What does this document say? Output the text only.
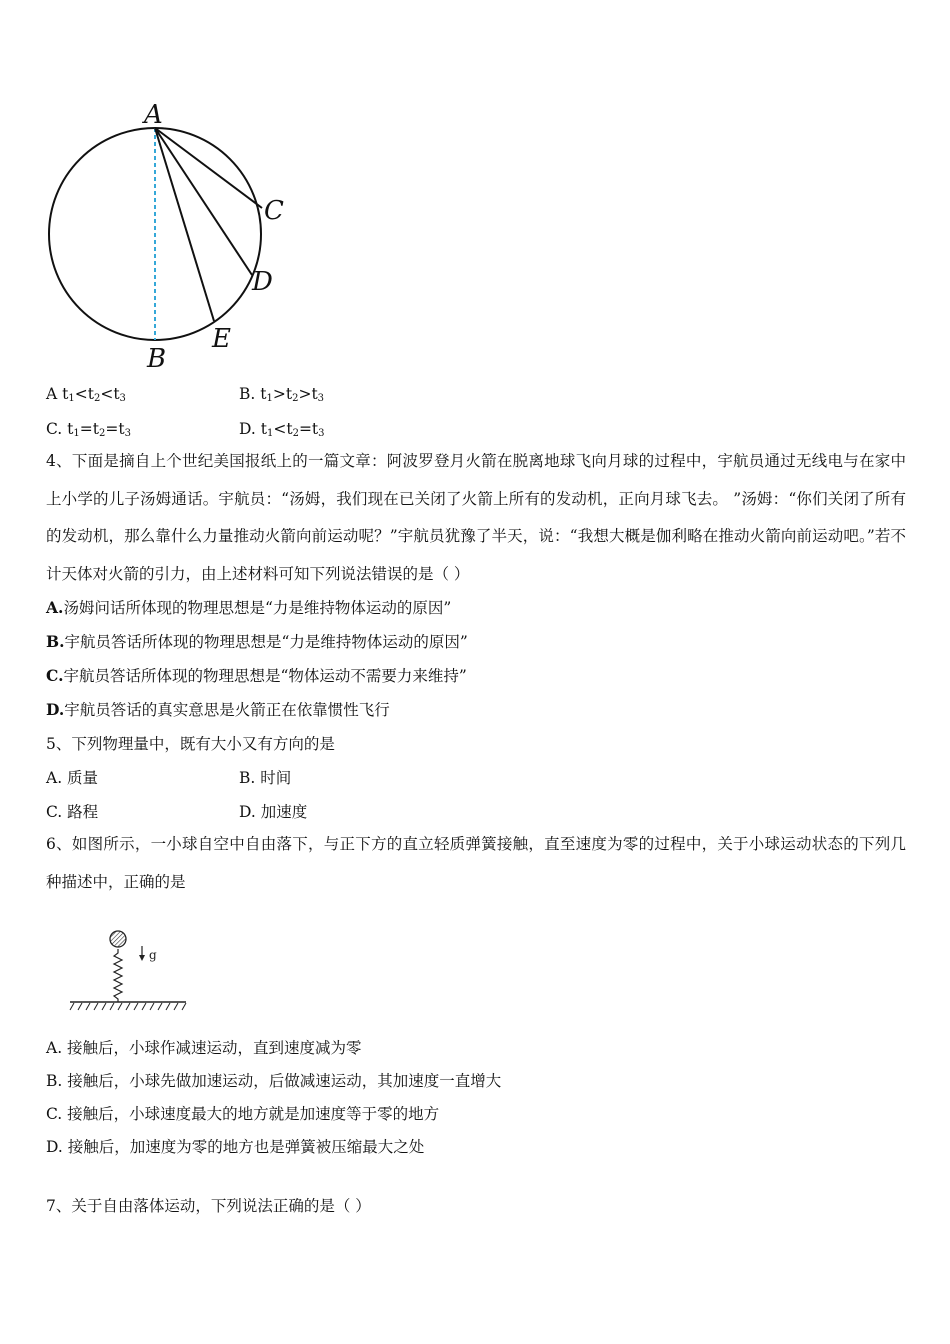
A
B
C
D
E
A $t_1<t_2<t_3$	B. $t_1>t_2>t_3$
C. $t_1=t_2=t_3$	D. $t_1<t_2=t_3$
4、下面是摘自上个世纪美国报纸上的一篇文章：阿波罗登月火箭在脱离地球飞向月球的过程中，宇航员通过无线电与在家中上小学的儿子汤姆通话。宇航员：“汤姆，我们现在已关闭了火箭上所有的发动机，正向月球飞去。 ”汤姆：“你们关闭了所有的发动机，那么靠什么力量推动火箭向前运动呢？”宇航员犹豫了半天，说：“我想大概是伽利略在推动火箭向前运动吧。”若不计天体对火箭的引力，由上述材料可知下列说法错误的是（ ）
A.汤姆问话所体现的物理思想是“力是维持物体运动的原因”
B.宇航员答话所体现的物理思想是“力是维持物体运动的原因”
C.宇航员答话所体现的物理思想是“物体运动不需要力来维持”
D.宇航员答话的真实意思是火箭正在依靠惯性飞行
5、下列物理量中，既有大小又有方向的是
A. 质量	B. 时间
C. 路程	D. 加速度
6、如图所示，一小球自空中自由落下，与正下方的直立轻质弹簧接触，直至速度为零的过程中，关于小球运动状态的下列几种描述中，正确的是
g
A. 接触后，小球作减速运动，直到速度减为零
B. 接触后，小球先做加速运动，后做减速运动，其加速度一直增大
C. 接触后，小球速度最大的地方就是加速度等于零的地方
D. 接触后，加速度为零的地方也是弹簧被压缩最大之处
7、关于自由落体运动，下列说法正确的是（ ）
